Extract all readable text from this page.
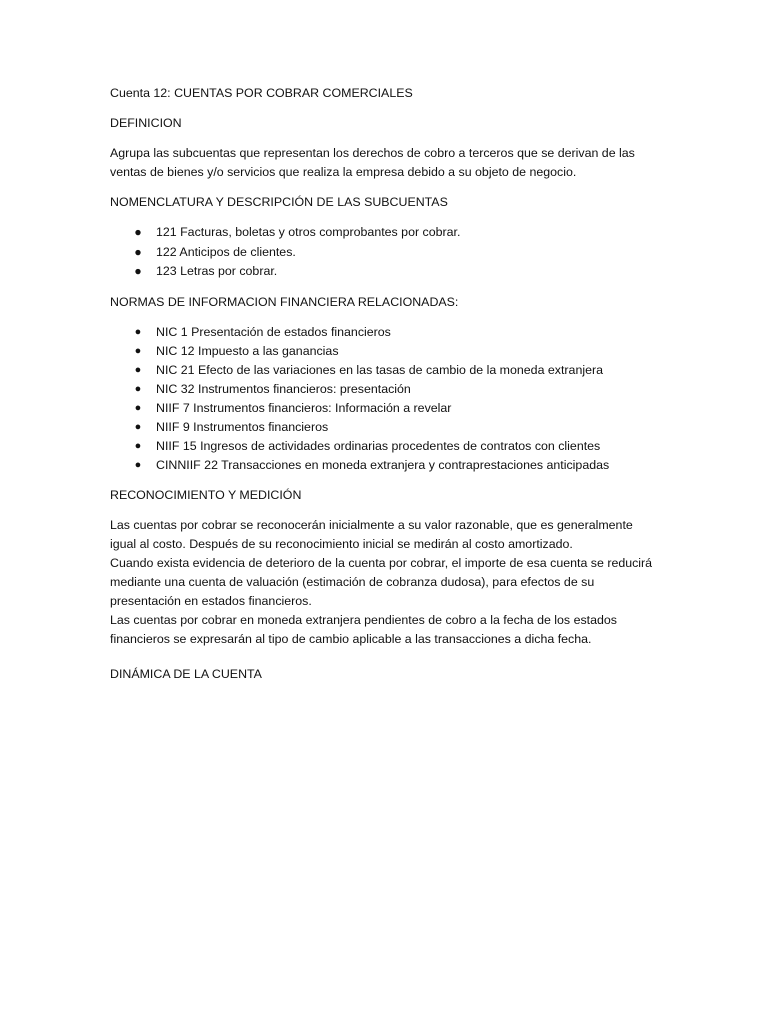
Cuenta 12: CUENTAS POR COBRAR COMERCIALES
DEFINICION

Agrupa las subcuentas que representan los derechos de cobro a terceros que se derivan de las ventas de bienes y/o servicios que realiza la empresa debido a su objeto de negocio.

NOMENCLATURA Y DESCRIPCIÓN DE LAS SUBCUENTAS
● 121 Facturas, boletas y otros comprobantes por cobrar.
● 122 Anticipos de clientes.
● 123 Letras por cobrar.
NORMAS DE INFORMACION FINANCIERA RELACIONADAS:
● NIC 1 Presentación de estados financieros
● NIC 12 Impuesto a las ganancias
● NIC 21 Efecto de las variaciones en las tasas de cambio de la moneda extranjera
● NIC 32 Instrumentos financieros: presentación
● NIIF 7 Instrumentos financieros: Información a revelar
● NIIF 9 Instrumentos financieros
● NIIF 15 Ingresos de actividades ordinarias procedentes de contratos con clientes
● CINNIIF 22 Transacciones en moneda extranjera y contraprestaciones anticipadas
RECONOCIMIENTO Y MEDICIÓN

Las cuentas por cobrar se reconocerán inicialmente a su valor razonable, que es generalmente igual al costo. Después de su reconocimiento inicial se medirán al costo amortizado.
Cuando exista evidencia de deterioro de la cuenta por cobrar, el importe de esa cuenta se reducirá mediante una cuenta de valuación (estimación de cobranza dudosa), para efectos de su presentación en estados financieros.
Las cuentas por cobrar en moneda extranjera pendientes de cobro a la fecha de los estados financieros se expresarán al tipo de cambio aplicable a las transacciones a dicha fecha.

DINÁMICA DE LA CUENTA
